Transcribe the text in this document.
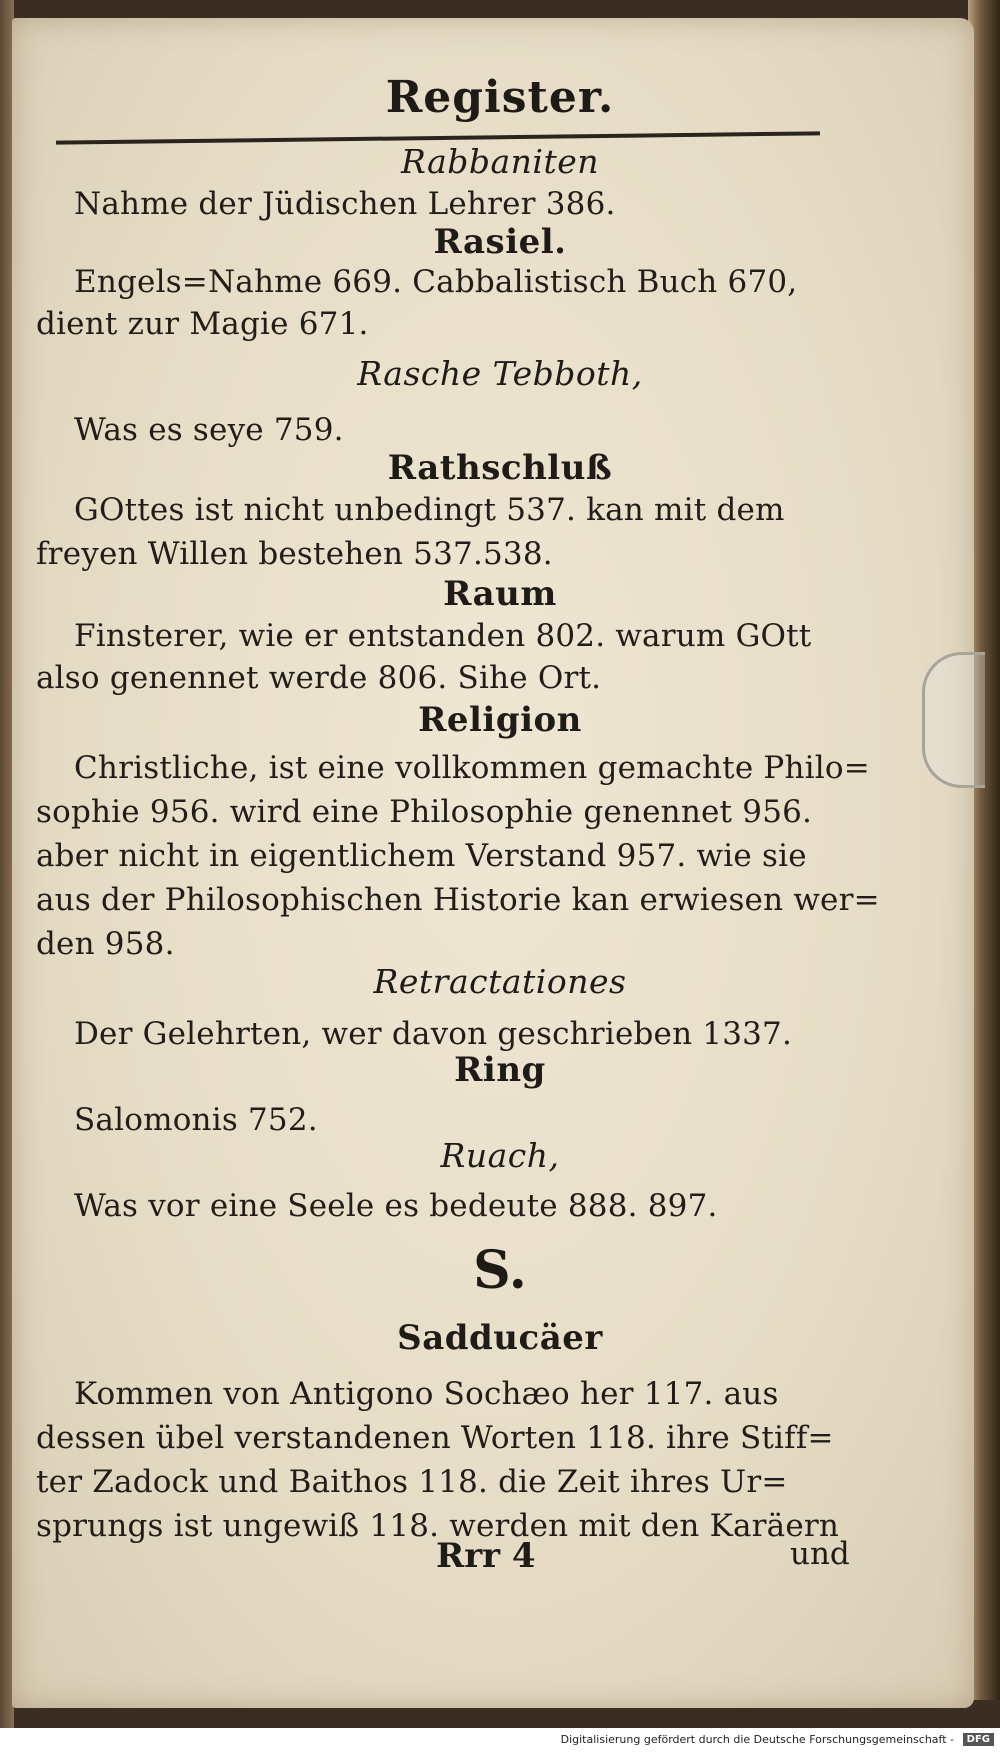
Register.
Rabbaniten
Nahme der Jüdischen Lehrer 386.
Rasiel.
Engels=Nahme 669. Cabbalistisch Buch 670,
dient zur Magie 671.
Rasche Tebboth,
Was es seye 759.
Rathschluß
GOttes ist nicht unbedingt 537. kan mit dem
freyen Willen bestehen 537.538.
Raum
Finsterer, wie er entstanden 802. warum GOtt
also genennet werde 806. Sihe Ort.
Religion
Christliche, ist eine vollkommen gemachte Philo=
sophie 956. wird eine Philosophie genennet 956.
aber nicht in eigentlichem Verstand 957. wie sie
aus der Philosophischen Historie kan erwiesen wer=
den 958.
Retractationes
Der Gelehrten, wer davon geschrieben 1337.
Ring
Salomonis 752.
Ruach,
Was vor eine Seele es bedeute 888. 897.
S.
Sadducäer
Kommen von Antigono Sochæo her 117. aus
dessen übel verstandenen Worten 118. ihre Stiff=
ter Zadock und Baithos 118. die Zeit ihres Ur=
sprungs ist ungewiß 118. werden mit den Karäern
Rrr 4	und
Digitalisierung gefördert durch die Deutsche Forschungsgemeinschaft -	DFG
